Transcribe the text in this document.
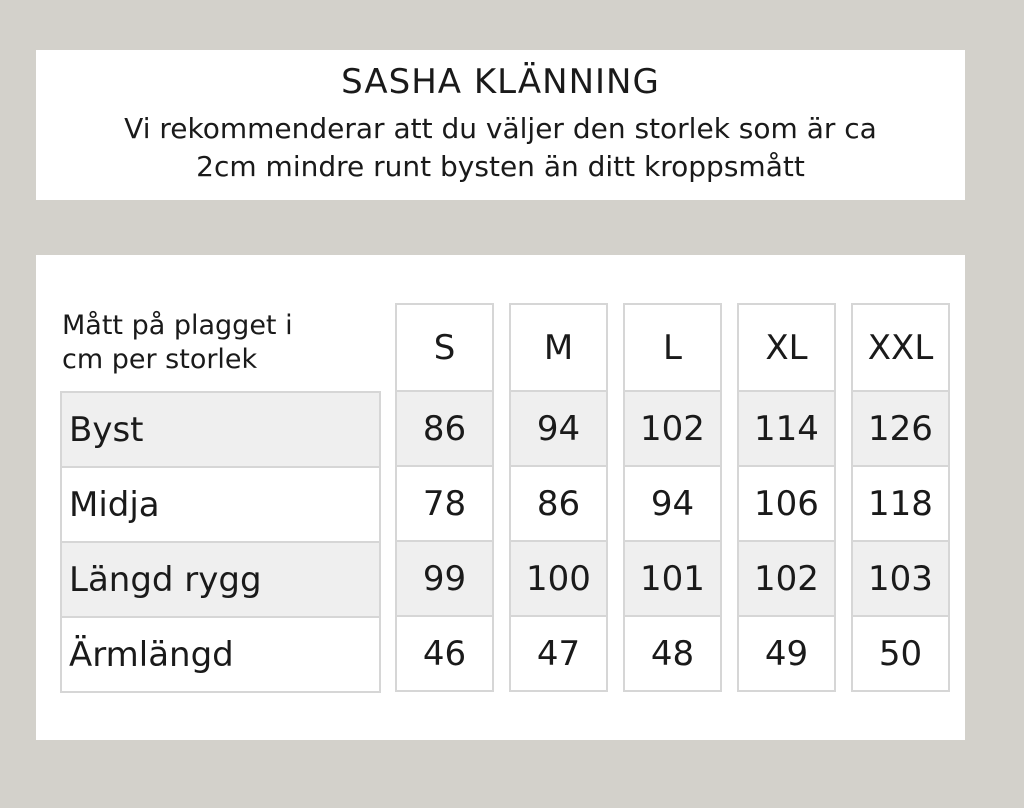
SASHA KLÄNNING
Vi rekommenderar att du väljer den storlek som är ca
2cm mindre runt bysten än ditt kroppsmått
Mått på plagget i
cm per storlek
Byst
Midja
Längd rygg
Ärmlängd
S
86
78
99
46
M
94
86
100
47
L
102
94
101
48
XL
114
106
102
49
XXL
126
118
103
50
